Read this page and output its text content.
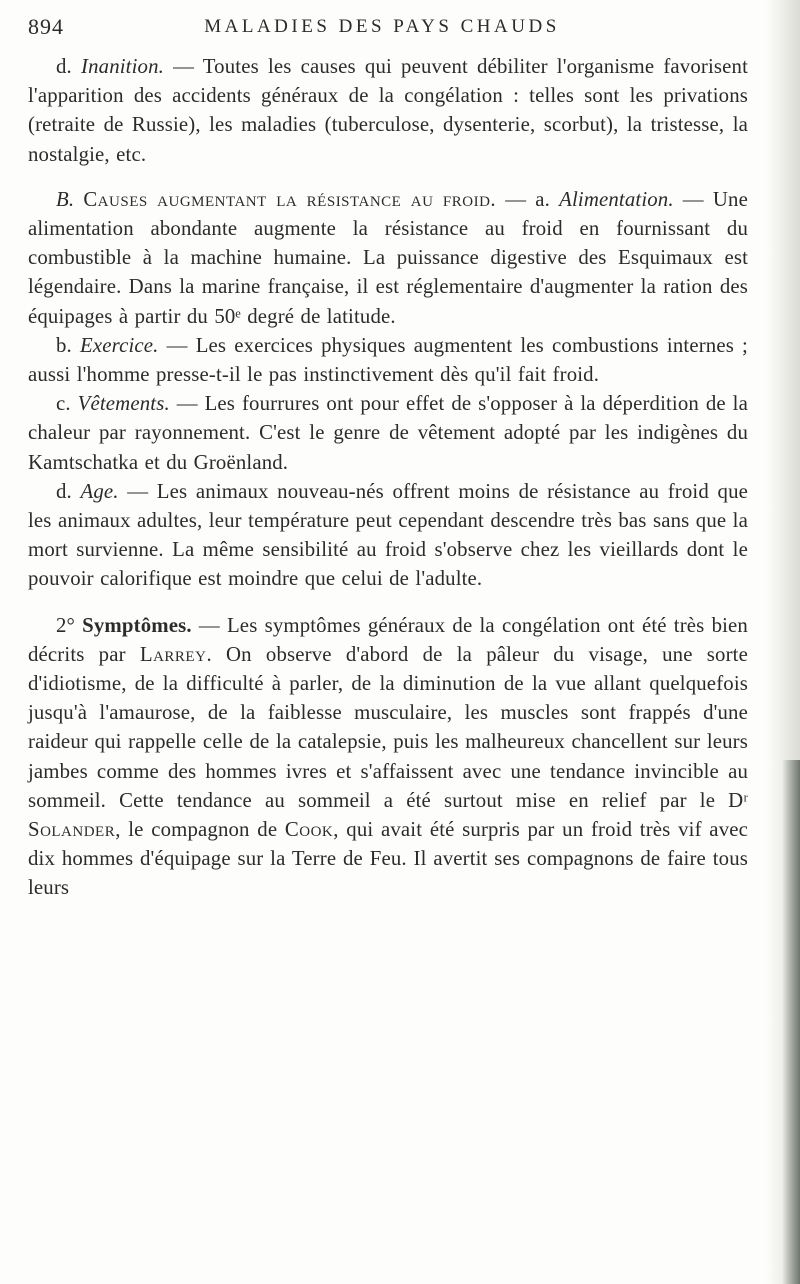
894	MALADIES DES PAYS CHAUDS

d. Inanition. — Toutes les causes qui peuvent débiliter l'organisme favorisent l'apparition des accidents généraux de la congélation : telles sont les privations (retraite de Russie), les maladies (tuberculose, dysenterie, scorbut), la tristesse, la nostalgie, etc.

B. Causes augmentant la résistance au froid. — a. Alimentation. — Une alimentation abondante augmente la résistance au froid en fournissant du combustible à la machine humaine. La puissance digestive des Esquimaux est légendaire. Dans la marine française, il est réglementaire d'augmenter la ration des équipages à partir du 50ᵉ degré de latitude.

b. Exercice. — Les exercices physiques augmentent les combustions internes ; aussi l'homme presse-t-il le pas instinctivement dès qu'il fait froid.

c. Vêtements. — Les fourrures ont pour effet de s'opposer à la déperdition de la chaleur par rayonnement. C'est le genre de vêtement adopté par les indigènes du Kamtschatka et du Groënland.

d. Age. — Les animaux nouveau-nés offrent moins de résistance au froid que les animaux adultes, leur température peut cependant descendre très bas sans que la mort survienne. La même sensibilité au froid s'observe chez les vieillards dont le pouvoir calorifique est moindre que celui de l'adulte.

2° Symptômes. — Les symptômes généraux de la congélation ont été très bien décrits par Larrey. On observe d'abord de la pâleur du visage, une sorte d'idiotisme, de la difficulté à parler, de la diminution de la vue allant quelquefois jusqu'à l'amaurose, de la faiblesse musculaire, les muscles sont frappés d'une raideur qui rappelle celle de la catalepsie, puis les malheureux chancellent sur leurs jambes comme des hommes ivres et s'affaissent avec une tendance invincible au sommeil. Cette tendance au sommeil a été surtout mise en relief par le Dʳ Solander, le compagnon de Cook, qui avait été surpris par un froid très vif avec dix hommes d'équipage sur la Terre de Feu. Il avertit ses compagnons de faire tous leurs
